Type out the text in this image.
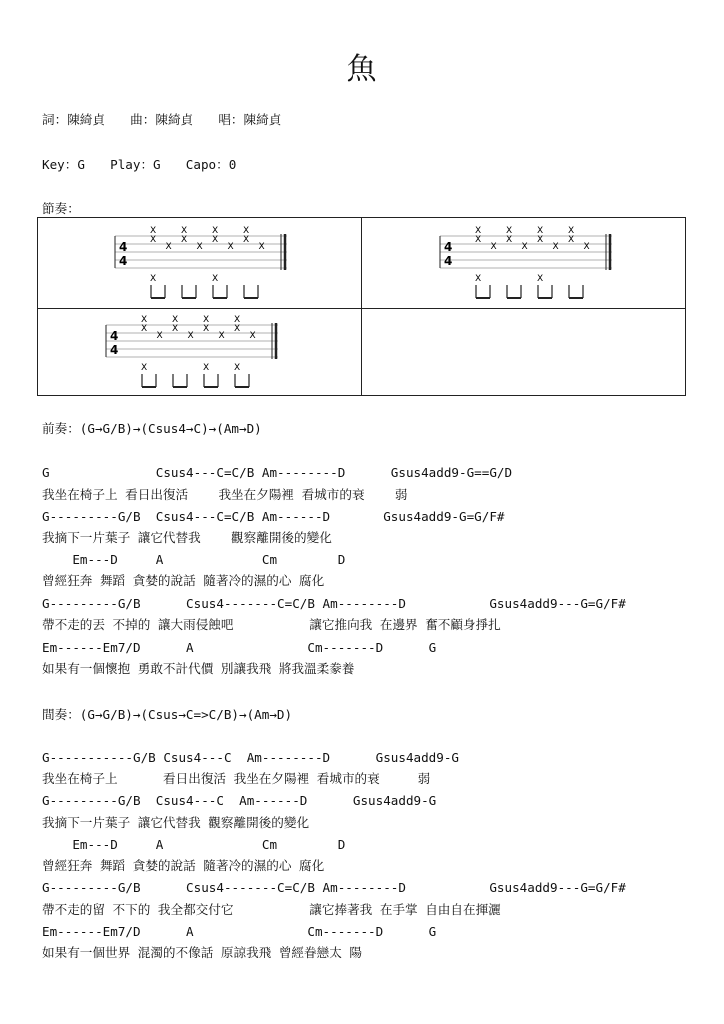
魚
詞：陳綺貞　　曲：陳綺貞　　唱：陳綺貞
Key：G　　Play：G　　Capo：0
節奏：
4
4
X
X
X
X
X
X
X
X
X
X
X
X
X	X
4
4
X
X
X
X
X
X
X
X
X
X
X
X
X	X
4
4
X
X
X
X
X
X
X
X
X
X
X
X
X	X	X
前奏：(G→G/B)→(Csus4→C)→(Am→D)
G              Csus4---C=C/B Am--------D      Gsus4add9-G==G/D
我坐在椅子上 看日出復活    我坐在夕陽裡 看城市的衰    弱
G---------G/B  Csus4---C=C/B Am------D       Gsus4add9-G=G/F#
我摘下一片葉子 讓它代替我    觀察離開後的變化
Em---D     A             Cm        D
曾經狂奔 舞蹈 貪婪的說話 隨著冷的濕的心 腐化
G---------G/B      Csus4-------C=C/B Am--------D           Gsus4add9---G=G/F#
帶不走的丟 不掉的 讓大雨侵蝕吧          讓它推向我 在邊界 奮不顧身掙扎
Em------Em7/D      A               Cm-------D      G
如果有一個懷抱 勇敢不計代價 別讓我飛 將我溫柔豢養
間奏：(G→G/B)→(Csus→C=>C/B)→(Am→D)
G-----------G/B Csus4---C  Am--------D      Gsus4add9-G
我坐在椅子上      看日出復活 我坐在夕陽裡 看城市的衰     弱
G---------G/B  Csus4---C  Am------D      Gsus4add9-G
我摘下一片葉子 讓它代替我 觀察離開後的變化
Em---D     A             Cm        D
曾經狂奔 舞蹈 貪婪的說話 隨著冷的濕的心 腐化
G---------G/B      Csus4-------C=C/B Am--------D           Gsus4add9---G=G/F#
帶不走的留 不下的 我全都交付它          讓它捧著我 在手掌 自由自在揮灑
Em------Em7/D      A               Cm-------D      G
如果有一個世界 混濁的不像話 原諒我飛 曾經眷戀太 陽
